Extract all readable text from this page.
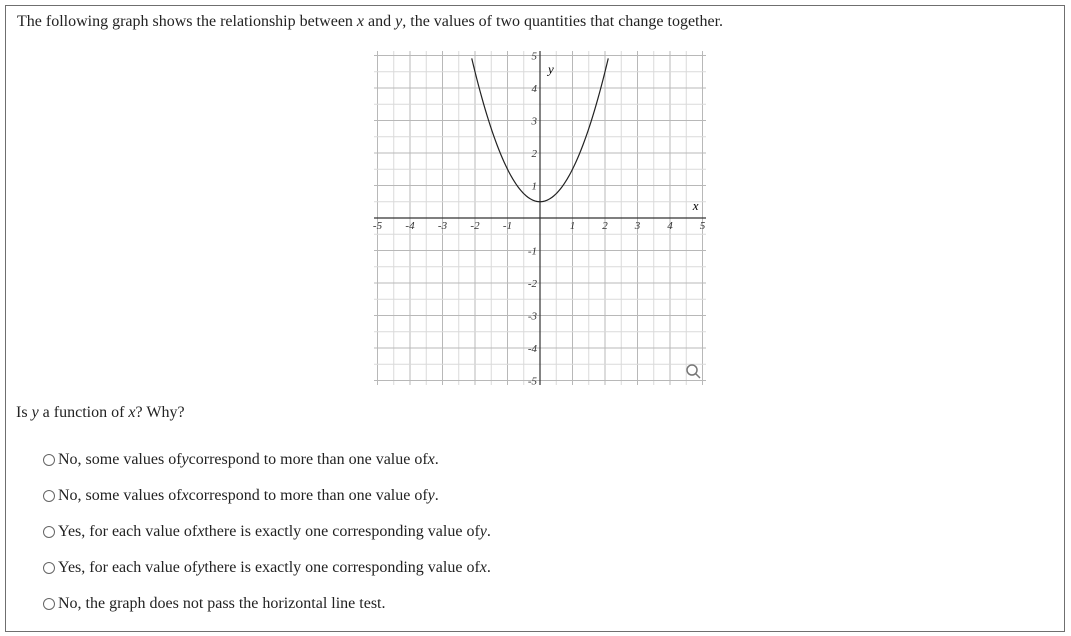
The following graph shows the relationship between x and y, the values of two quantities that change together.
-5 -4 -3 -2 -1	1 2 3 4 5
5
4
3
2
1
-1
-2
-3
-4
-5
x
y
Is y a function of x? Why?
No, some values of y correspond to more than one value of x .
No, some values of x correspond to more than one value of y .
Yes, for each value of x there is exactly one corresponding value of y .
Yes, for each value of y there is exactly one corresponding value of x .
No, the graph does not pass the horizontal line test.
